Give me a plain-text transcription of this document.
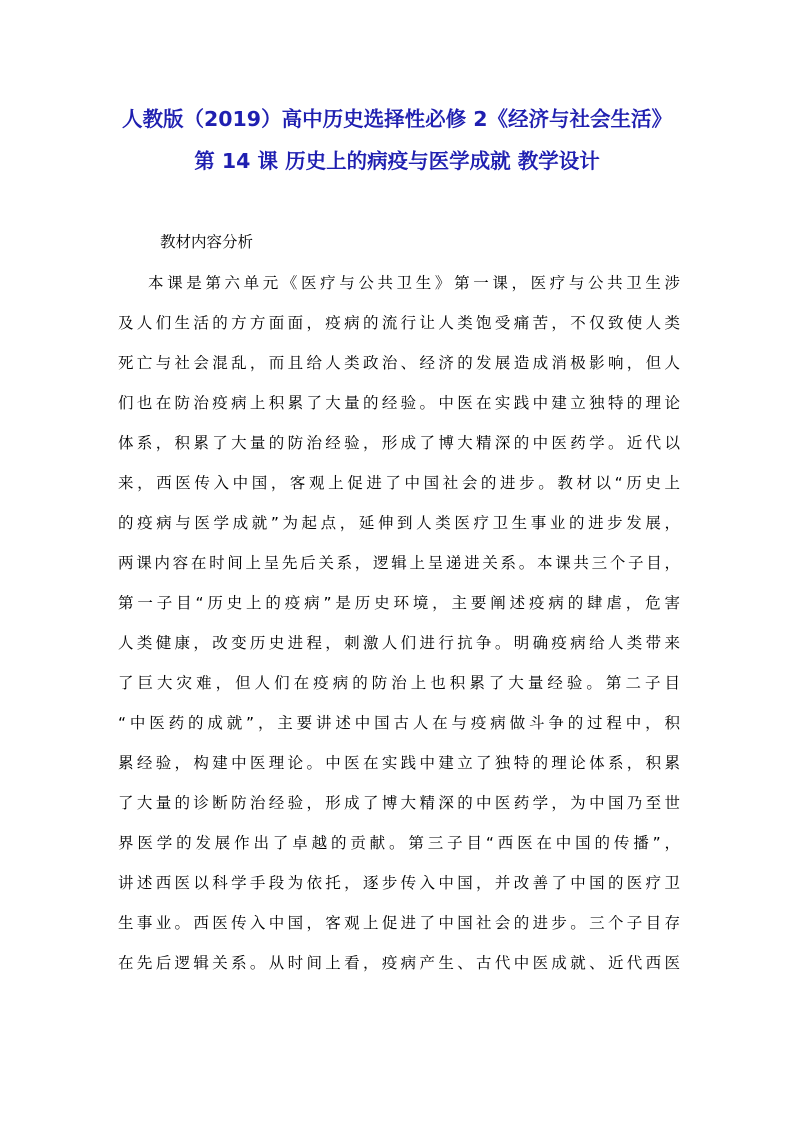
人教版（2019）高中历史选择性必修 2《经济与社会生活》
第 14 课 历史上的病疫与医学成就 教学设计
教材内容分析
本课是第六单元《医疗与公共卫生》第一课，医疗与公共卫生涉
及人们生活的方方面面，疫病的流行让人类饱受痛苦，不仅致使人类
死亡与社会混乱，而且给人类政治、经济的发展造成消极影响，但人
们也在防治疫病上积累了大量的经验。中医在实践中建立独特的理论
体系，积累了大量的防治经验，形成了博大精深的中医药学。近代以
来，西医传入中国，客观上促进了中国社会的进步。教材以“历史上
的疫病与医学成就”为起点，延伸到人类医疗卫生事业的进步发展，
两课内容在时间上呈先后关系，逻辑上呈递进关系。本课共三个子目，
第一子目“历史上的疫病”是历史环境，主要阐述疫病的肆虐，危害
人类健康，改变历史进程，刺激人们进行抗争。明确疫病给人类带来
了巨大灾难，但人们在疫病的防治上也积累了大量经验。第二子目
“中医药的成就”，主要讲述中国古人在与疫病做斗争的过程中，积
累经验，构建中医理论。中医在实践中建立了独特的理论体系，积累
了大量的诊断防治经验，形成了博大精深的中医药学，为中国乃至世
界医学的发展作出了卓越的贡献。第三子目“西医在中国的传播”，
讲述西医以科学手段为依托，逐步传入中国，并改善了中国的医疗卫
生事业。西医传入中国，客观上促进了中国社会的进步。三个子目存
在先后逻辑关系。从时间上看，疫病产生、古代中医成就、近代西医
